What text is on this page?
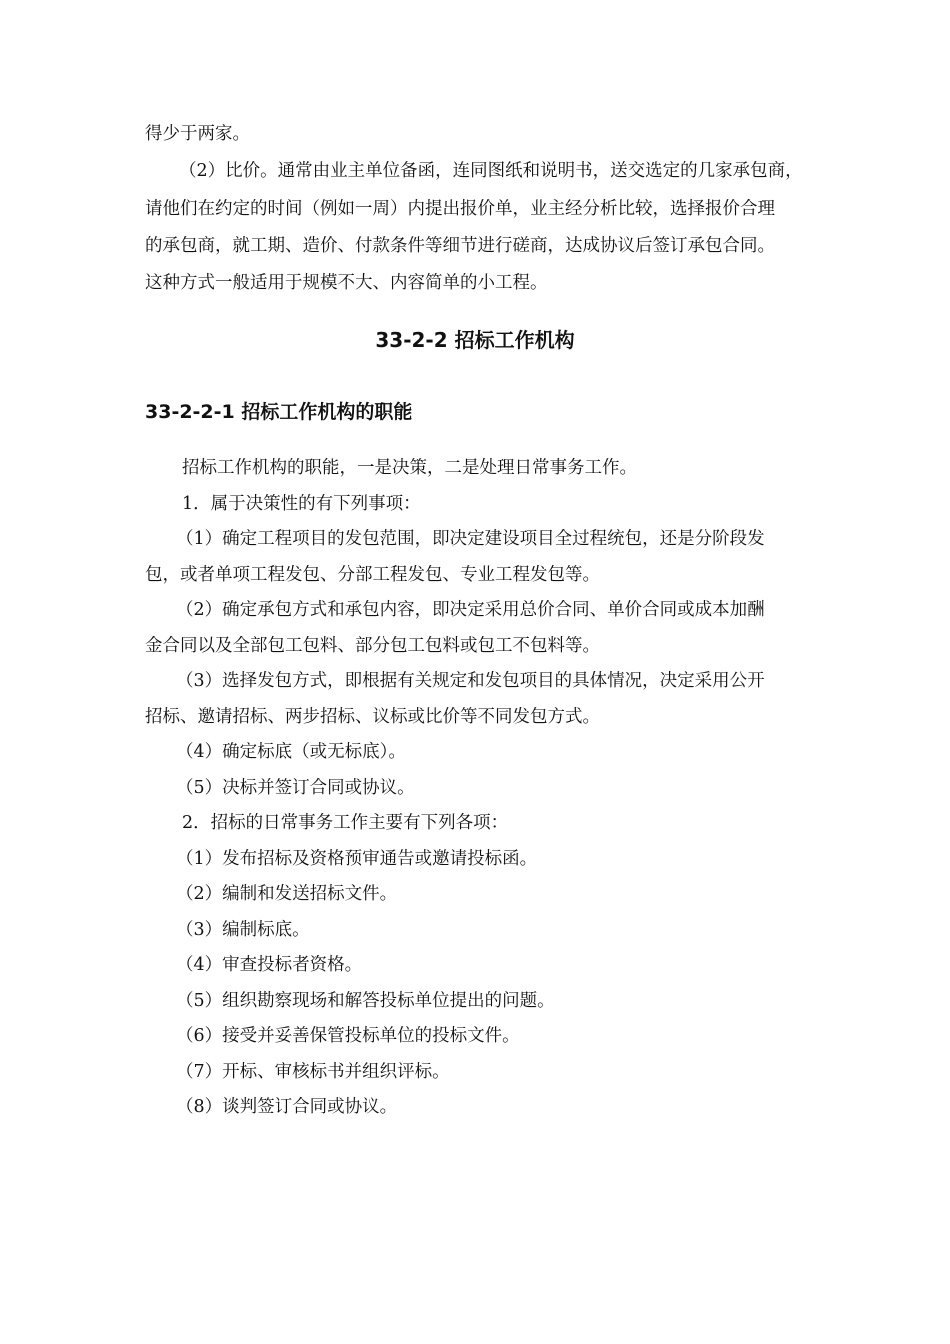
得少于两家。
（2）比价。通常由业主单位备函，连同图纸和说明书，送交选定的几家承包商，
请他们在约定的时间（例如一周）内提出报价单，业主经分析比较，选择报价合理
的承包商，就工期、造价、付款条件等细节进行磋商，达成协议后签订承包合同。
这种方式一般适用于规模不大、内容简单的小工程。
33-2-2 招标工作机构
33-2-2-1 招标工作机构的职能
招标工作机构的职能，一是决策，二是处理日常事务工作。
1．属于决策性的有下列事项：
（1）确定工程项目的发包范围，即决定建设项目全过程统包，还是分阶段发
包，或者单项工程发包、分部工程发包、专业工程发包等。
（2）确定承包方式和承包内容，即决定采用总价合同、单价合同或成本加酬
金合同以及全部包工包料、部分包工包料或包工不包料等。
（3）选择发包方式，即根据有关规定和发包项目的具体情况，决定采用公开
招标、邀请招标、两步招标、议标或比价等不同发包方式。
（4）确定标底（或无标底）。
（5）决标并签订合同或协议。
2．招标的日常事务工作主要有下列各项：
（1）发布招标及资格预审通告或邀请投标函。
（2）编制和发送招标文件。
（3）编制标底。
（4）审查投标者资格。
（5）组织勘察现场和解答投标单位提出的问题。
（6）接受并妥善保管投标单位的投标文件。
（7）开标、审核标书并组织评标。
（8）谈判签订合同或协议。
